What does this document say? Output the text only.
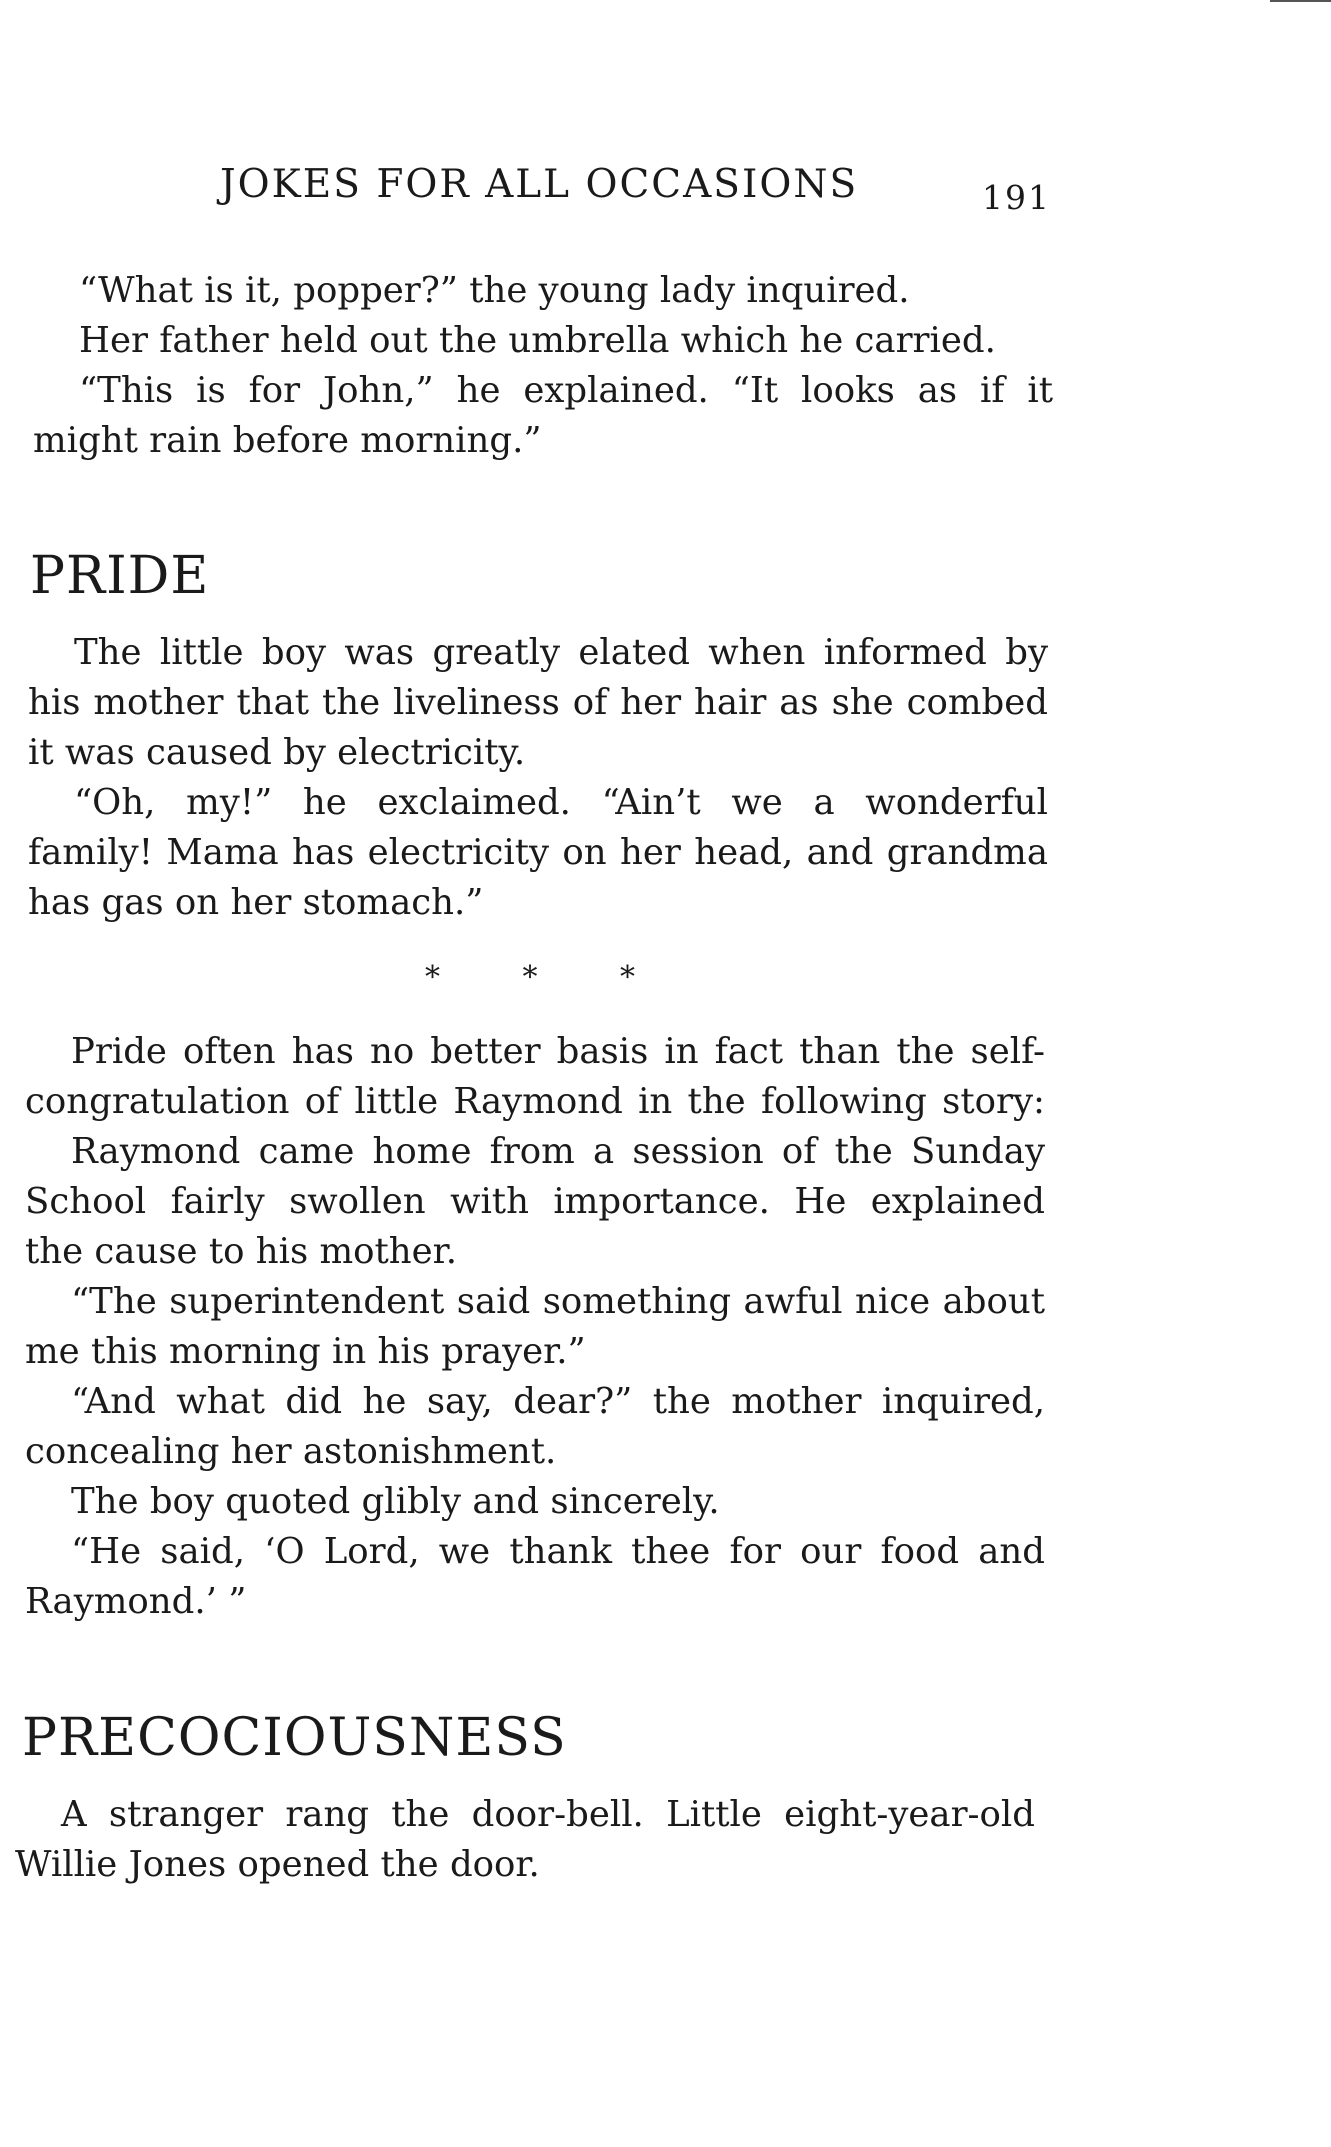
JOKES FOR ALL OCCASIONS	191
“What is it, popper?” the young lady inquired.
Her father held out the umbrella which he carried.
“This is for John,” he explained. “It looks as if it
might rain before morning.”
PRIDE
The little boy was greatly elated when informed by
his mother that the liveliness of her hair as she combed
it was caused by electricity.
“Oh, my!” he exclaimed. “Ain’t we a wonderful
family! Mama has electricity on her head, and grandma
has gas on her stomach.”
*	*	*
Pride often has no better basis in fact than the self-
congratulation of little Raymond in the following story:
Raymond came home from a session of the Sunday
School fairly swollen with importance. He explained
the cause to his mother.
“The superintendent said something awful nice about
me this morning in his prayer.”
“And what did he say, dear?” the mother inquired,
concealing her astonishment.
The boy quoted glibly and sincerely.
“He said, ‘O Lord, we thank thee for our food and
Raymond.’ ”
PRECOCIOUSNESS
A stranger rang the door-bell. Little eight-year-old
Willie Jones opened the door.
